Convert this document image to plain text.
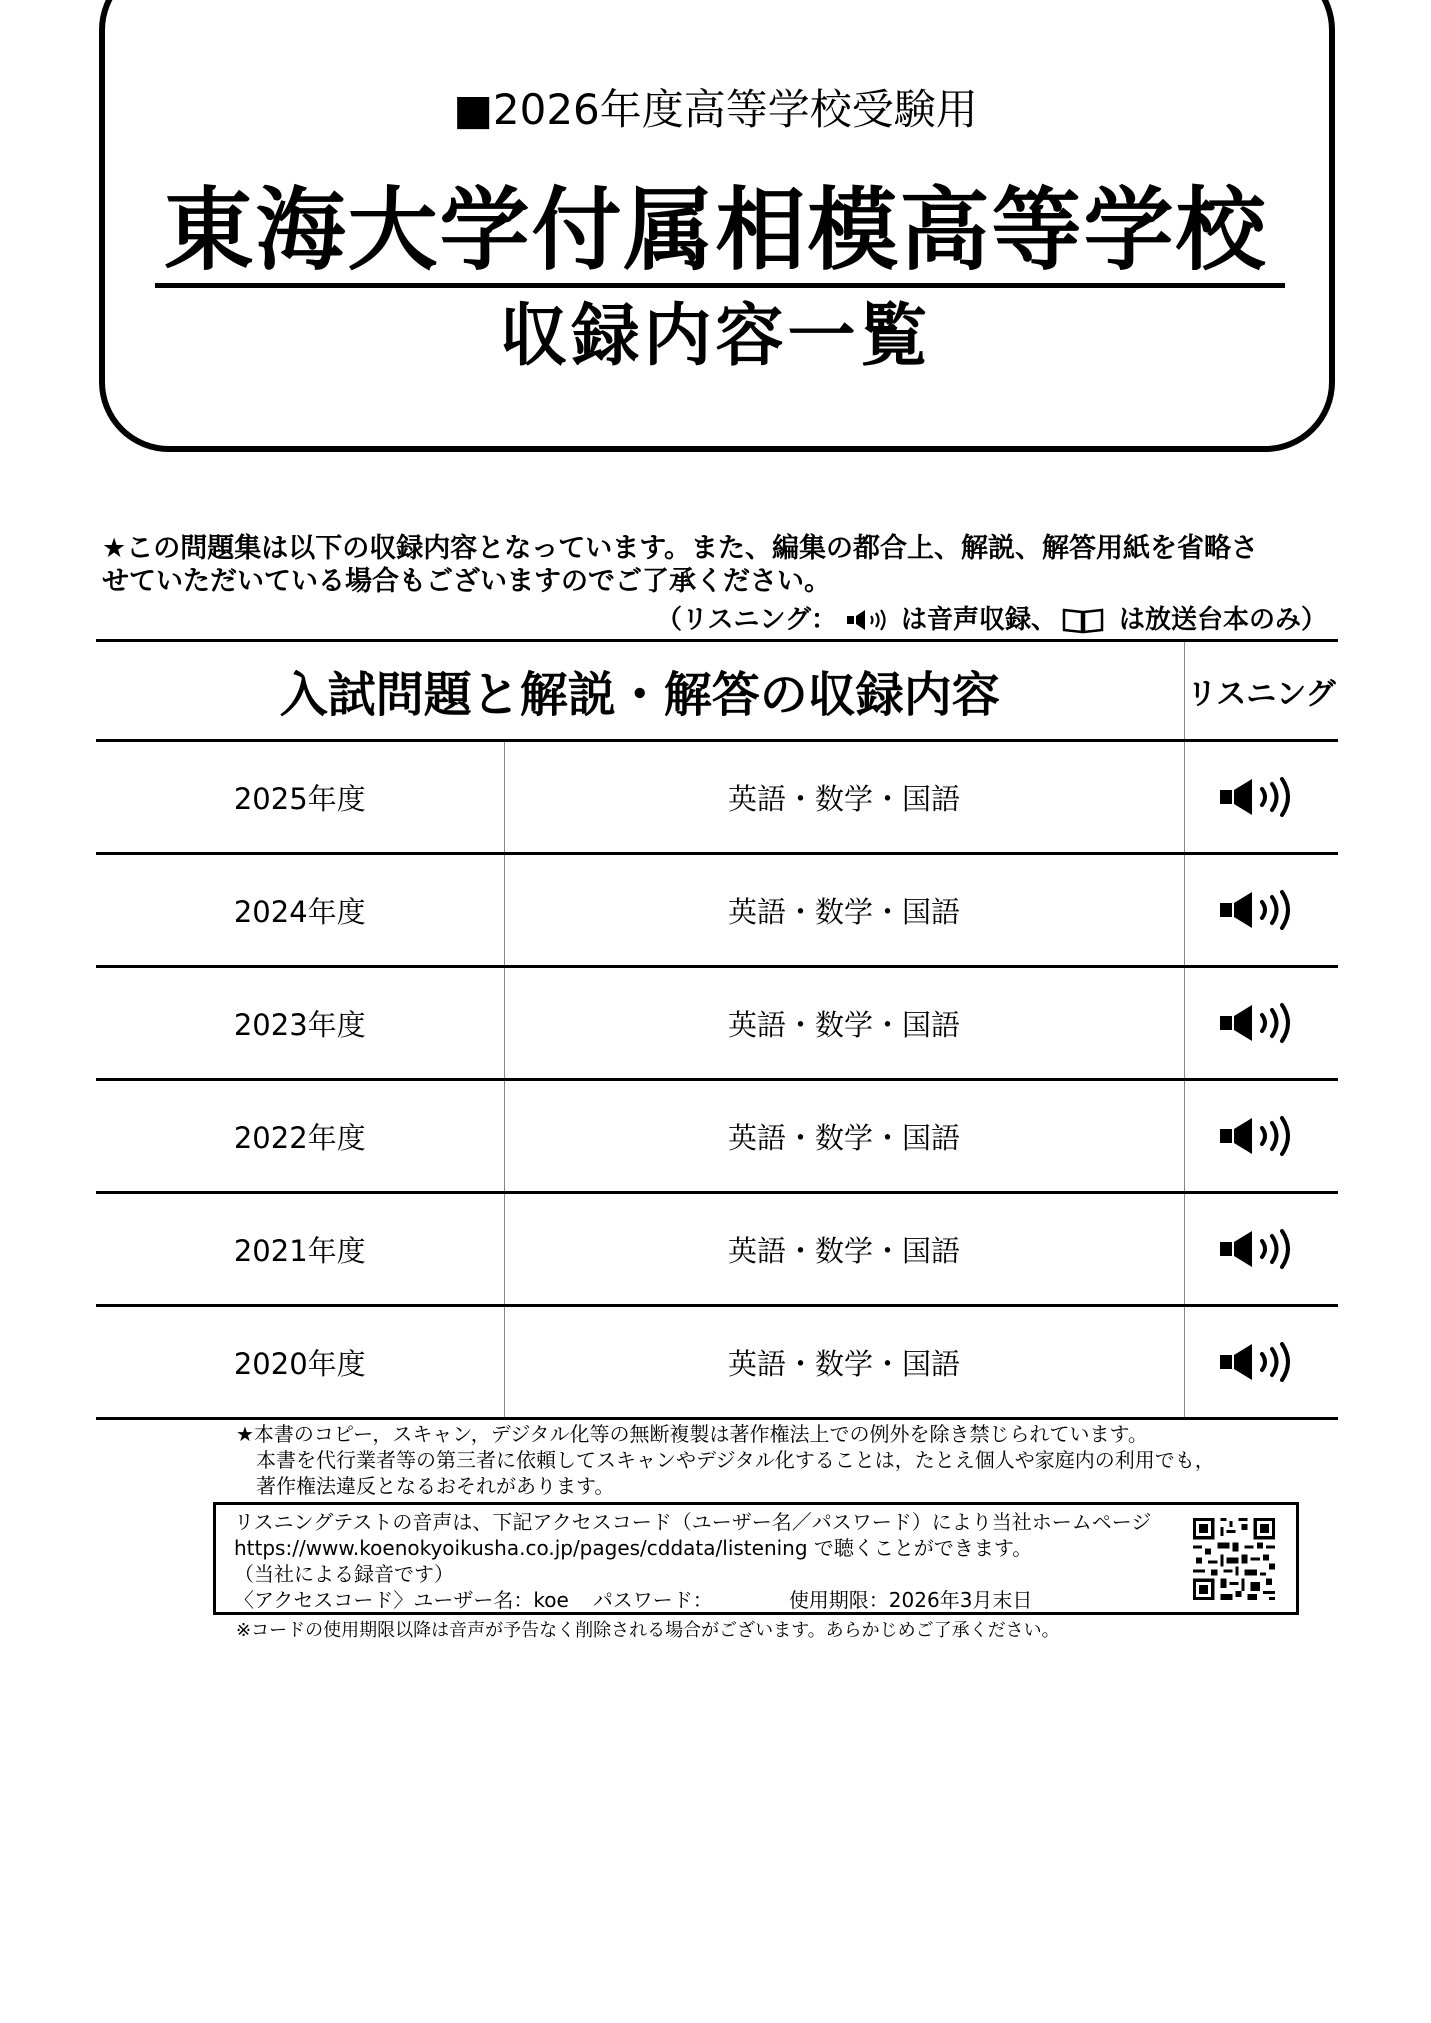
■2026年度高等学校受験用
東海大学付属相模高等学校
収録内容一覧
★この問題集は以下の収録内容となっています。また、編集の都合上、解説、解答用紙を省略さ
せていただいている場合もございますのでご了承ください。
（リスニング： は音声収録、 は放送台本のみ）
入試問題と解説・解答の収録内容		リスニング
2025年度	英語・数学・国語	
2024年度	英語・数学・国語	
2023年度	英語・数学・国語	
2022年度	英語・数学・国語	
2021年度	英語・数学・国語	
2020年度	英語・数学・国語	
★本書のコピー，スキャン，デジタル化等の無断複製は著作権法上での例外を除き禁じられています。
本書を代行業者等の第三者に依頼してスキャンやデジタル化することは，たとえ個人や家庭内の利用でも，
著作権法違反となるおそれがあります。
リスニングテストの音声は、下記アクセスコード（ユーザー名／パスワード）により当社ホームページ
https://www.koenokyoikusha.co.jp/pages/cddata/listening で聴くことができます。
（当社による録音です）
〈アクセスコード〉ユーザー名：koe パスワード：	使用期限：2026年3月末日
※コードの使用期限以降は音声が予告なく削除される場合がございます。あらかじめご了承ください。
